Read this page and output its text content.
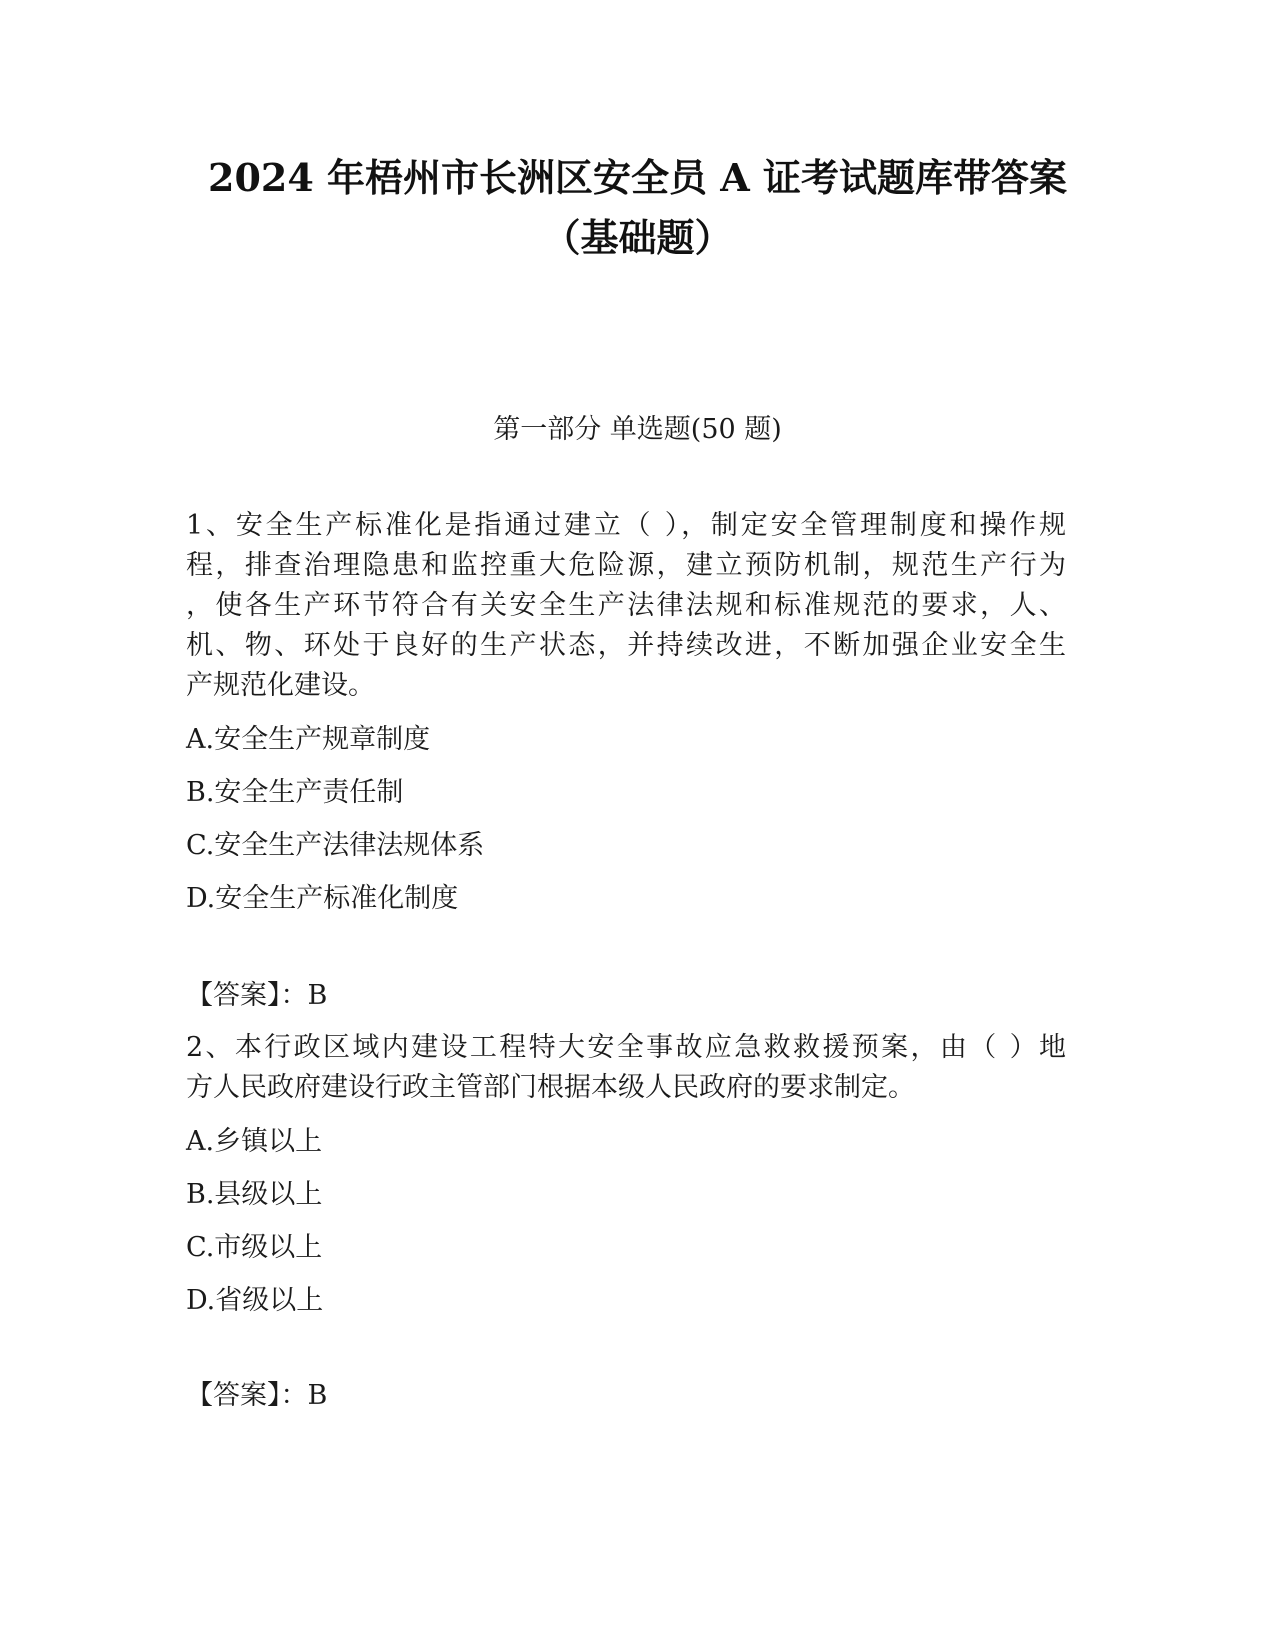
2024 年梧州市长洲区安全员 A 证考试题库带答案
（基础题）
第一部分 单选题(50 题)
1、安全生产标准化是指通过建立（ ），制定安全管理制度和操作规
程，排查治理隐患和监控重大危险源，建立预防机制，规范生产行为
，使各生产环节符合有关安全生产法律法规和标准规范的要求，人、
机、物、环处于良好的生产状态，并持续改进，不断加强企业安全生
产规范化建设。
A.安全生产规章制度
B.安全生产责任制
C.安全生产法律法规体系
D.安全生产标准化制度
【答案】：B
2、本行政区域内建设工程特大安全事故应急救救援预案，由（ ）地
方人民政府建设行政主管部门根据本级人民政府的要求制定。
A.乡镇以上
B.县级以上
C.市级以上
D.省级以上
【答案】：B
